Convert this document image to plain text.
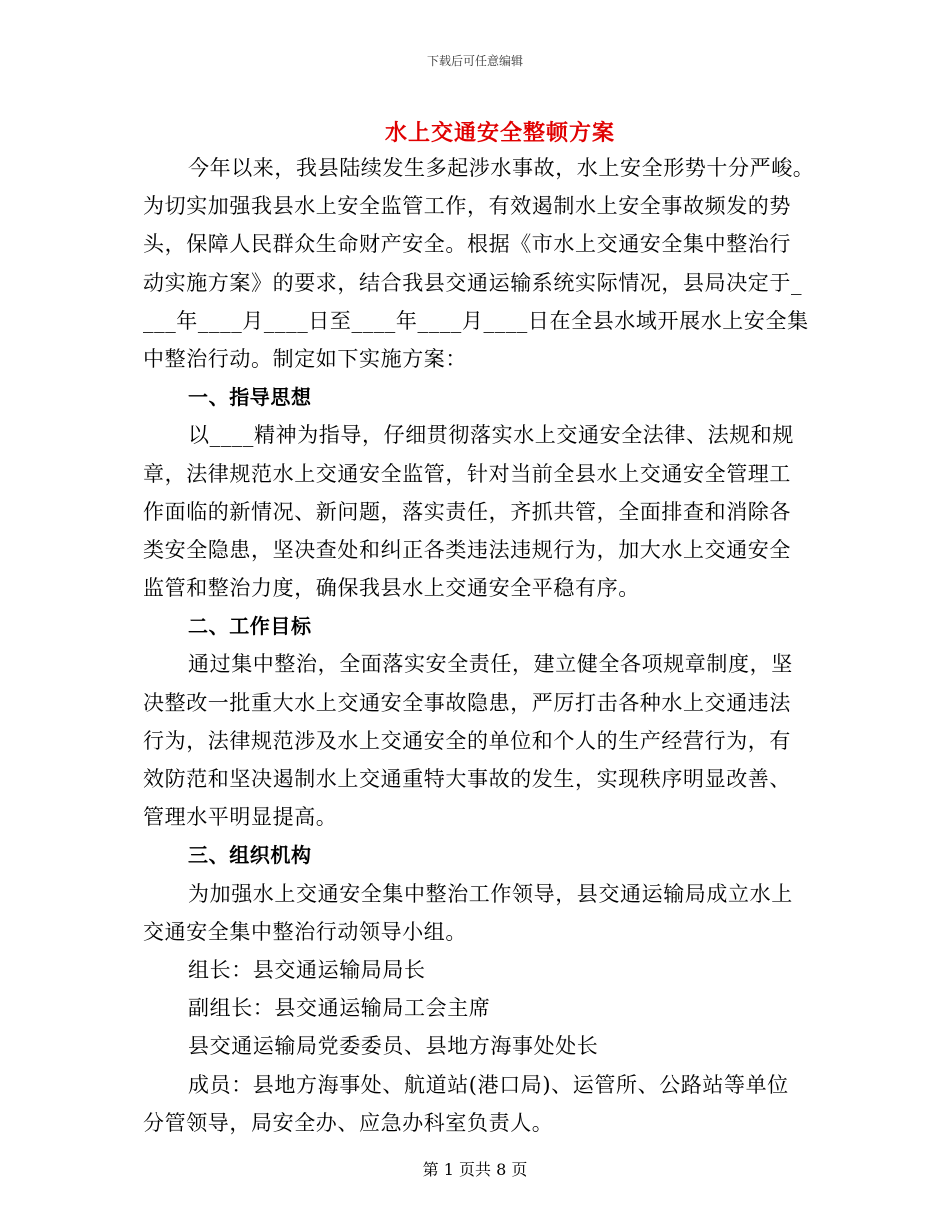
下载后可任意编辑
水上交通安全整顿方案
今年以来，我县陆续发生多起涉水事故，水上安全形势十分严峻。
为切实加强我县水上安全监管工作，有效遏制水上安全事故频发的势
头，保障人民群众生命财产安全。根据《市水上交通安全集中整治行
动实施方案》的要求，结合我县交通运输系统实际情况，县局决定于_
___年____月____日至____年____月____日在全县水域开展水上安全集
中整治行动。制定如下实施方案：
一、指导思想
以____精神为指导，仔细贯彻落实水上交通安全法律、法规和规
章，法律规范水上交通安全监管，针对当前全县水上交通安全管理工
作面临的新情况、新问题，落实责任，齐抓共管，全面排查和消除各
类安全隐患，坚决查处和纠正各类违法违规行为，加大水上交通安全
监管和整治力度，确保我县水上交通安全平稳有序。
二、工作目标
通过集中整治，全面落实安全责任，建立健全各项规章制度，坚
决整改一批重大水上交通安全事故隐患，严厉打击各种水上交通违法
行为，法律规范涉及水上交通安全的单位和个人的生产经营行为，有
效防范和坚决遏制水上交通重特大事故的发生，实现秩序明显改善、
管理水平明显提高。
三、组织机构
为加强水上交通安全集中整治工作领导，县交通运输局成立水上
交通安全集中整治行动领导小组。
组长：县交通运输局局长
副组长：县交通运输局工会主席
县交通运输局党委委员、县地方海事处处长
成员：县地方海事处、航道站(港口局)、运管所、公路站等单位
分管领导，局安全办、应急办科室负责人。
第 1 页共 8 页
